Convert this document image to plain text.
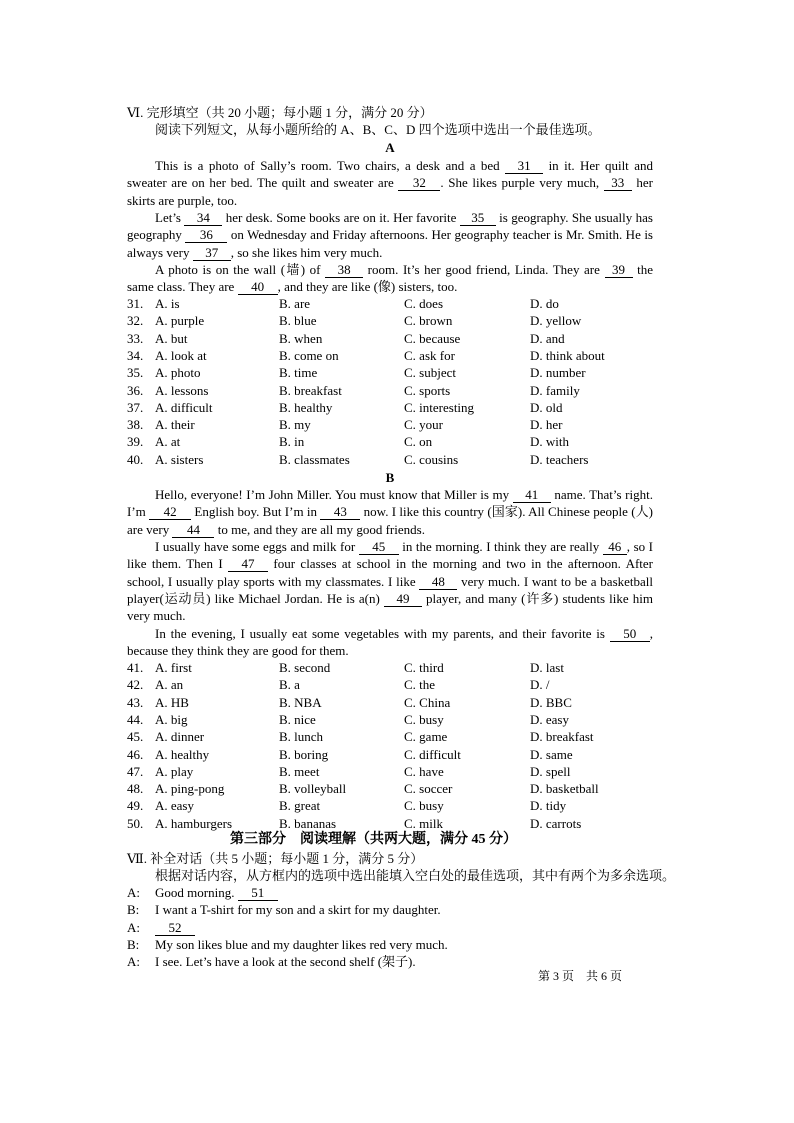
Ⅵ. 完形填空（共 20 小题；每小题 1 分，满分 20 分）
阅读下列短文，从每小题所给的 A、B、C、D 四个选项中选出一个最佳选项。
A
This is a photo of Sally’s room. Two chairs, a desk and a bed 31 in it. Her quilt and sweater are on her bed. The quilt and sweater are 32 . She likes purple very much, 33 her skirts are purple, too.
Let’s 34 her desk. Some books are on it. Her favorite 35 is geography. She usually has geography 36 on Wednesday and Friday afternoons. Her geography teacher is Mr. Smith. He is always very 37 , so she likes him very much.
A photo is on the wall (墙) of 38 room. It’s her good friend, Linda. They are 39 the same class. They are 40 , and they are like (像) sisters, too.
31. A. is	B. are	C. does	D. do
32. A. purple	B. blue	C. brown	D. yellow
33. A. but	B. when	C. because	D. and
34. A. look at	B. come on	C. ask for	D. think about
35. A. photo	B. time	C. subject	D. number
36. A. lessons	B. breakfast	C. sports	D. family
37. A. difficult	B. healthy	C. interesting	D. old
38. A. their	B. my	C. your	D. her
39. A. at	B. in	C. on	D. with
40. A. sisters	B. classmates	C. cousins	D. teachers
B
Hello, everyone! I’m John Miller. You must know that Miller is my 41 name. That’s right. I’m 42 English boy. But I’m in 43 now. I like this country (国家). All Chinese people (人) are very 44 to me, and they are all my good friends.
I usually have some eggs and milk for 45 in the morning. I think they are really 46 , so I like them. Then I 47 four classes at school in the morning and two in the afternoon. After school, I usually play sports with my classmates. I like 48 very much. I want to be a basketball player(运动员) like Michael Jordan. He is a(n) 49 player, and many (许多) students like him very much.
In the evening, I usually eat some vegetables with my parents, and their favorite is 50 , because they think they are good for them.
41. A. first	B. second	C. third	D. last
42. A. an	B. a	C. the	D. /
43. A. HB	B. NBA	C. China	D. BBC
44. A. big	B. nice	C. busy	D. easy
45. A. dinner	B. lunch	C. game	D. breakfast
46. A. healthy	B. boring	C. difficult	D. same
47. A. play	B. meet	C. have	D. spell
48. A. ping-pong	B. volleyball	C. soccer	D. basketball
49. A. easy	B. great	C. busy	D. tidy
50. A. hamburgers	B. bananas	C. milk	D. carrots
第三部分　阅读理解（共两大题，满分 45 分）
Ⅶ. 补全对话（共 5 小题；每小题 1 分，满分 5 分）
根据对话内容，从方框内的选项中选出能填入空白处的最佳选项，其中有两个为多余选项。
A: Good morning. 51
B: I want a T-shirt for my son and a skirt for my daughter.
A: 52
B: My son likes blue and my daughter likes red very much.
A: I see. Let’s have a look at the second shelf (架子).
第 3 页　共 6 页
